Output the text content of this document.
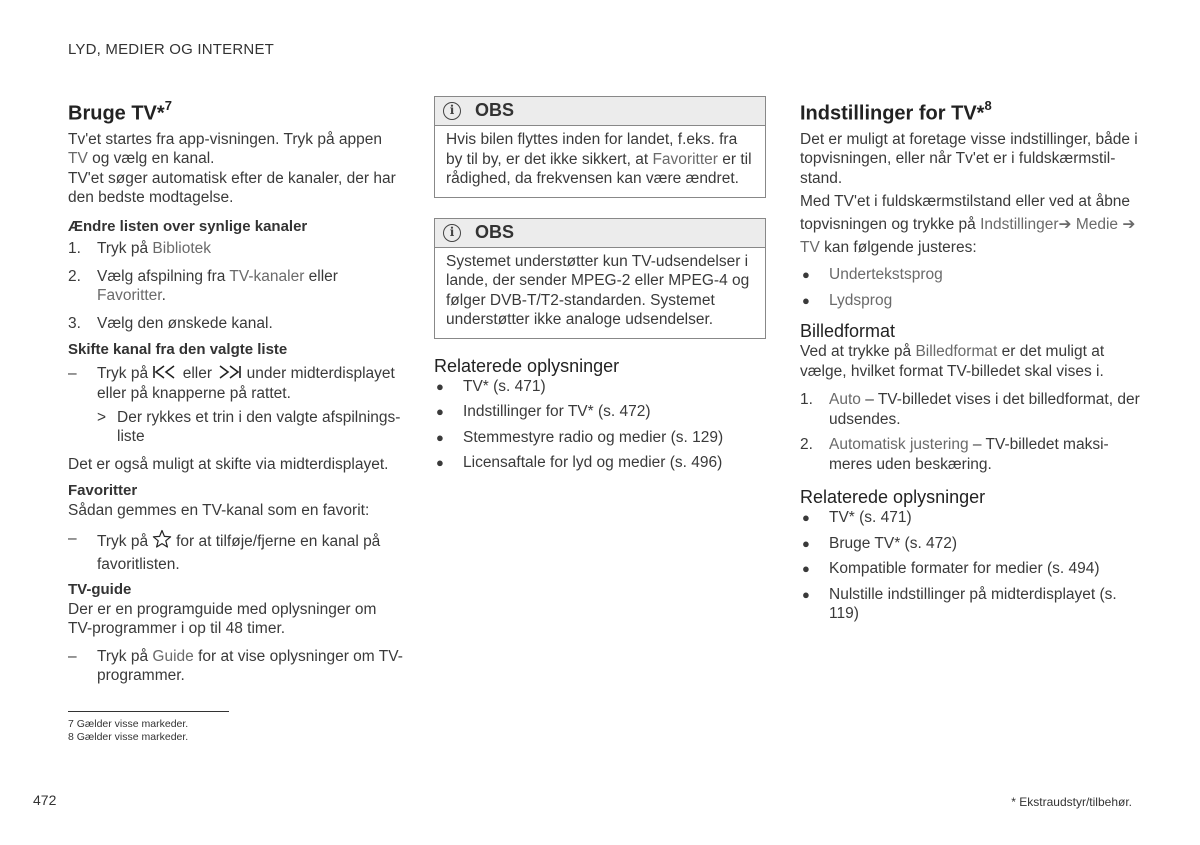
LYD, MEDIER OG INTERNET
Bruge TV*$^7$

Tv'et startes fra app-visningen. Tryk på appen TV og vælg en kanal.

TV'et søger automatisk efter de kanaler, der har den bedste modtagelse.

Ændre listen over synlige kanaler
1. Tryk på Bibliotek
2. Vælg afspilning fra TV-kanaler eller Favoritter.
3. Vælg den ønskede kanal.
Skifte kanal fra den valgte liste
– Tryk på  eller  under midterdisplayet eller på knapperne på rattet.
> Der rykkes et trin i den valgte afspilnings-liste

Det er også muligt at skifte via midterdisplayet.

Favoritter

Sådan gemmes en TV-kanal som en favorit:

– Tryk på for at tilføje/fjerne en kanal på favoritlisten.
TV-guide

Der er en programguide med oplysninger om TV-programmer i op til 48 timer.

– Tryk på Guide for at vise oplysninger om TV-programmer.
i	OBS
Hvis bilen flyttes inden for landet, f.eks. fra by til by, er det ikke sikkert, at Favoritter er til rådighed, da frekvensen kan være ændret.
i	OBS
Systemet understøtter kun TV-udsendelser i lande, der sender MPEG-2 eller MPEG-4 og følger DVB-T/T2-standarden. Systemet understøtter ikke analoge udsendelser.
Relaterede oplysninger
● TV* (s. 471)
● Indstillinger for TV* (s. 472)
● Stemmestyre radio og medier (s. 129)
● Licensaftale for lyd og medier (s. 496)
Indstillinger for TV*$^8$

Det er muligt at foretage visse indstillinger, både i topvisningen, eller når Tv'et er i fuldskærmstil-stand.

Med TV'et i fuldskærmstilstand eller ved at åbne topvisningen og trykke på Indstillinger➔ Medie ➔ TV kan følgende justeres:

● Undertekstsprog
● Lydsprog
Billedformat

Ved at trykke på Billedformat er det muligt at vælge, hvilket format TV-billedet skal vises i.

1. Auto – TV-billedet vises i det billedformat, der udsendes.
2. Automatisk justering – TV-billedet maksi-meres uden beskæring.
Relaterede oplysninger
● TV* (s. 471)
● Bruge TV* (s. 472)
● Kompatible formater for medier (s. 494)
● Nulstille indstillinger på midterdisplayet (s. 119)
7 Gælder visse markeder.
8 Gælder visse markeder.
472	* Ekstraudstyr/tilbehør.
